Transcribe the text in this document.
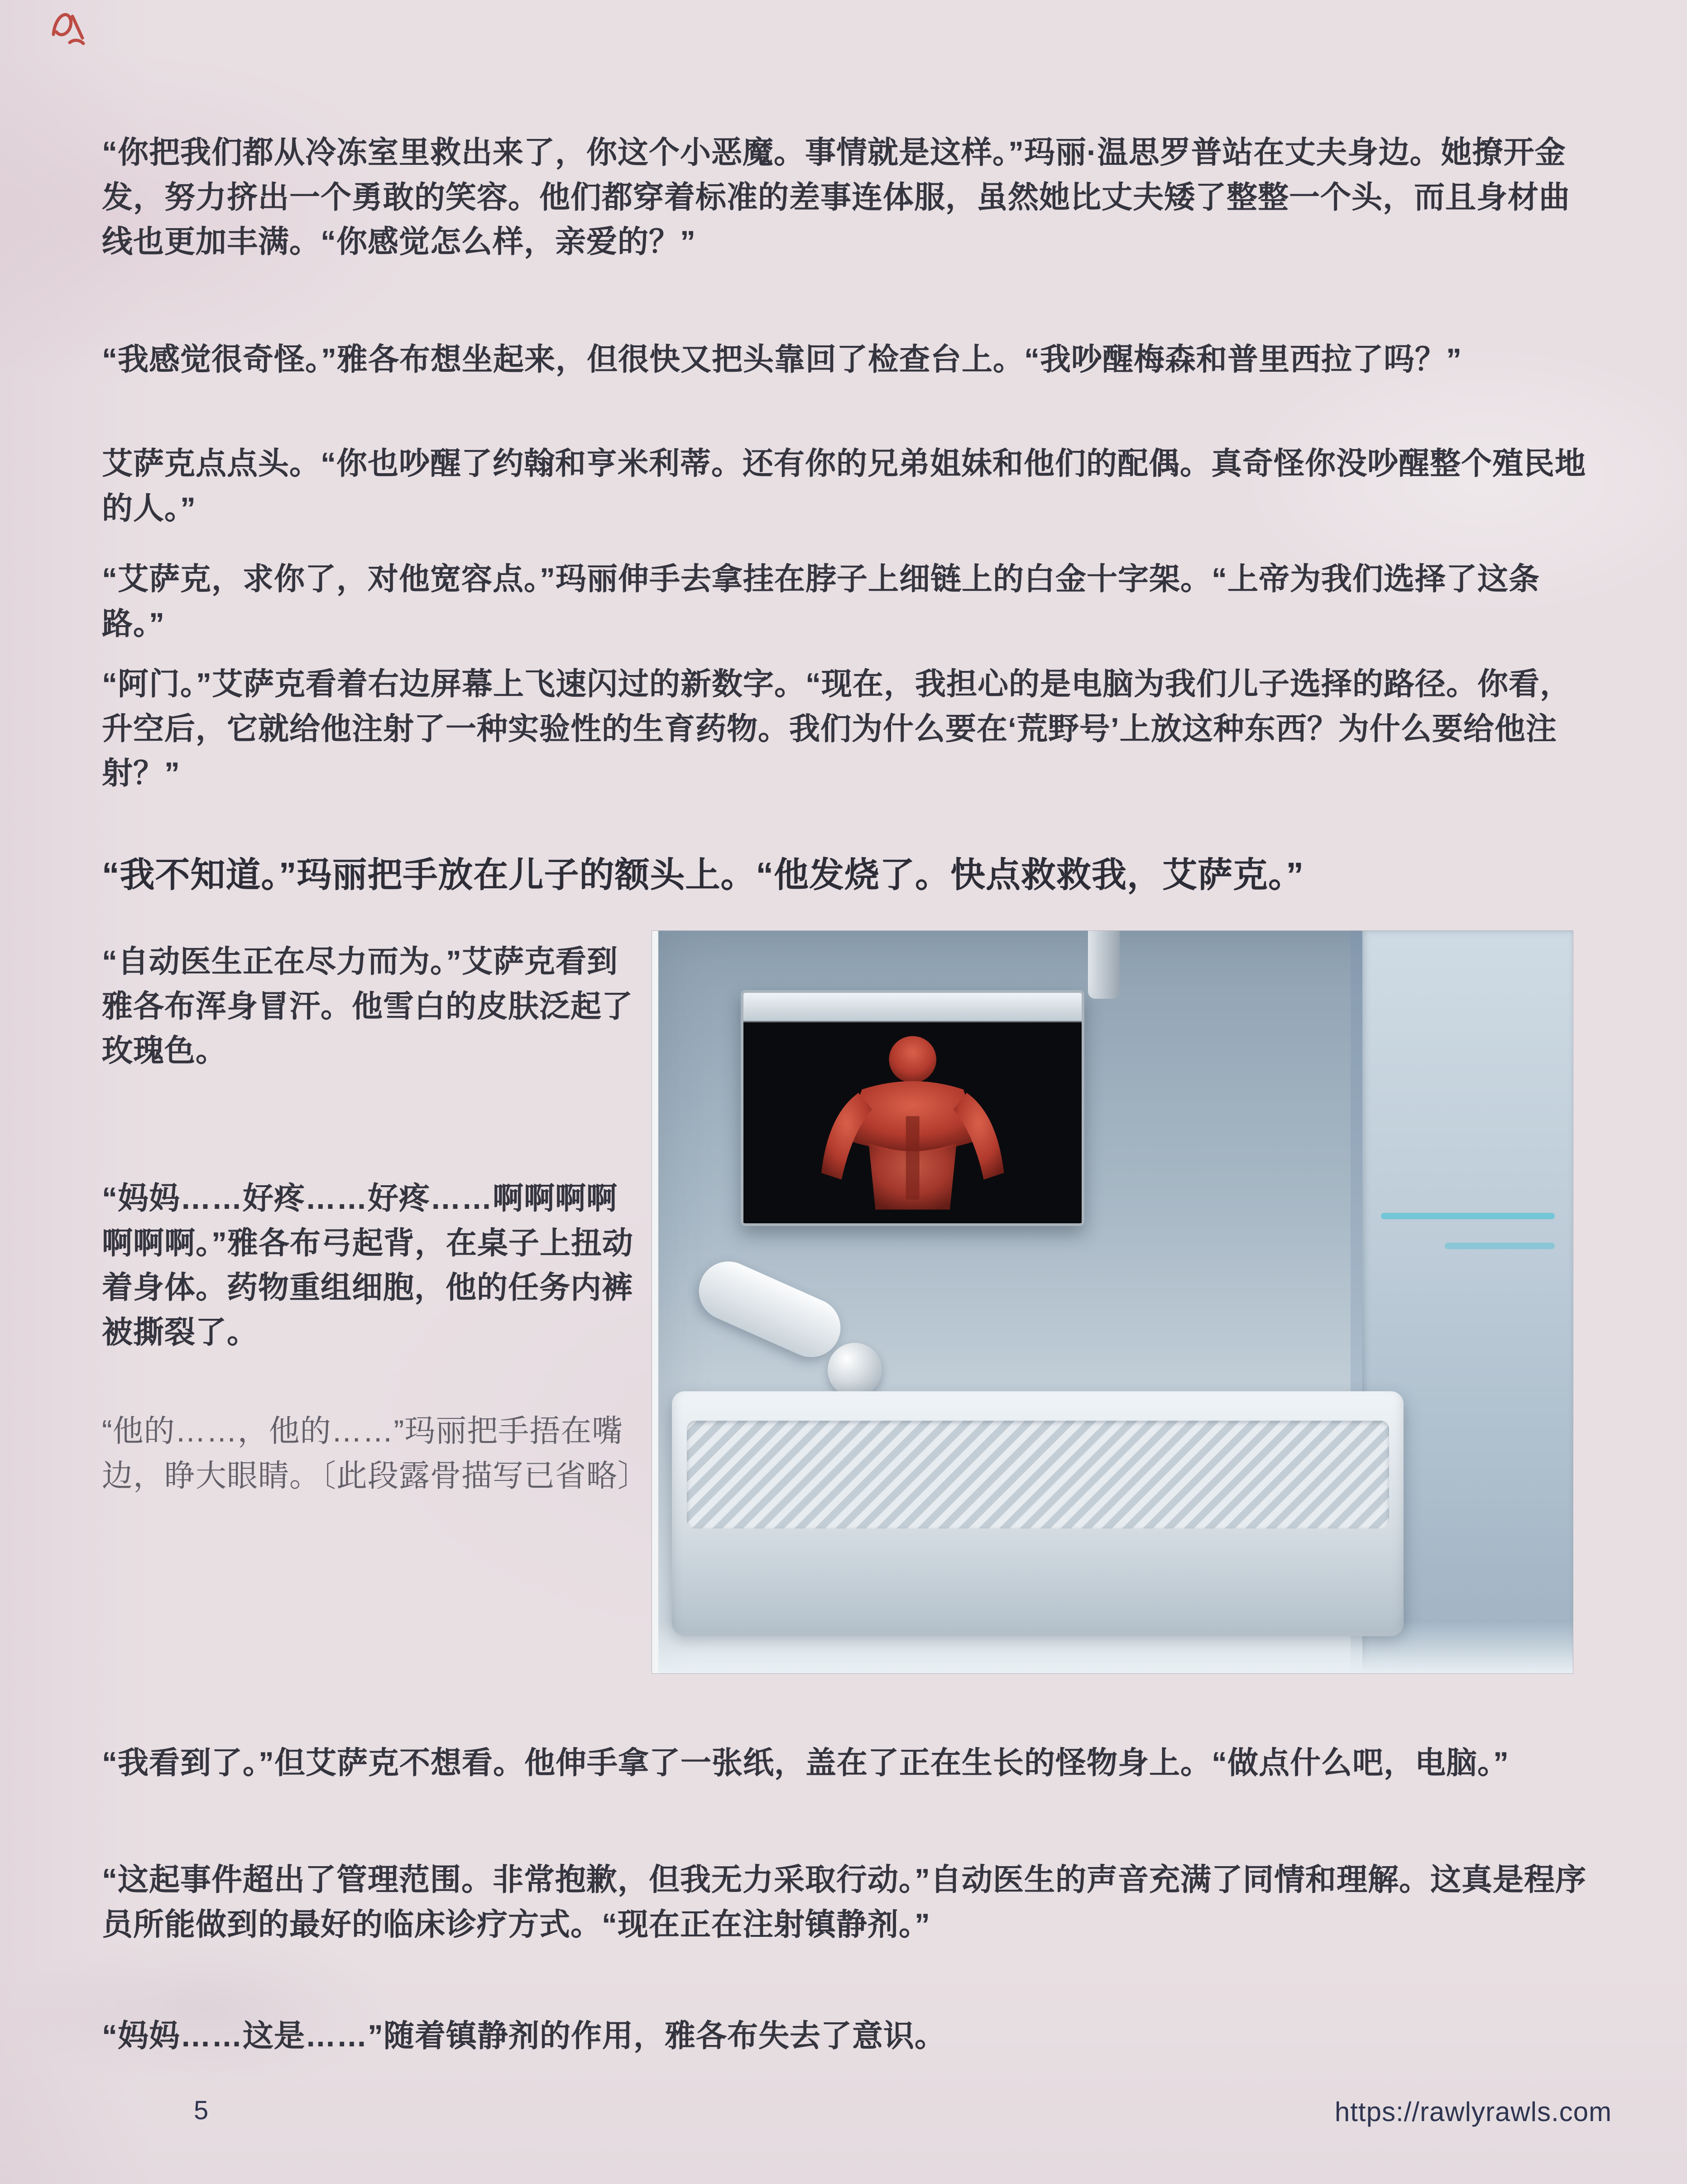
“你把我们都从冷冻室里救出来了，你这个小恶魔。事情就是这样。”玛丽·温思罗普站在丈夫身边。她撩开金发，努力挤出一个勇敢的笑容。他们都穿着标准的差事连体服，虽然她比丈夫矮了整整一个头，而且身材曲线也更加丰满。“你感觉怎么样，亲爱的？”

“我感觉很奇怪。”雅各布想坐起来，但很快又把头靠回了检查台上。“我吵醒梅森和普里西拉了吗？”

艾萨克点点头。“你也吵醒了约翰和亨米利蒂。还有你的兄弟姐妹和他们的配偶。真奇怪你没吵醒整个殖民地的人。”

“艾萨克，求你了，对他宽容点。”玛丽伸手去拿挂在脖子上细链上的白金十字架。“上帝为我们选择了这条路。”

“阿门。”艾萨克看着右边屏幕上飞速闪过的新数字。“现在，我担心的是电脑为我们儿子选择的路径。你看，升空后，它就给他注射了一种实验性的生育药物。我们为什么要在‘荒野号’上放这种东西？为什么要给他注射？”

“我不知道。”玛丽把手放在儿子的额头上。“他发烧了。快点救救我，艾萨克。”

“自动医生正在尽力而为。”艾萨克看到雅各布浑身冒汗。他雪白的皮肤泛起了玫瑰色。

“妈妈……好疼……好疼……啊啊啊啊啊啊啊。”雅各布弓起背，在桌子上扭动着身体。药物重组细胞，他的任务内裤被撕裂了。

“他的……，他的……”玛丽把手捂在嘴边，睁大眼睛。〔此段露骨描写已省略〕

“我看到了。”但艾萨克不想看。他伸手拿了一张纸，盖在了正在生长的怪物身上。“做点什么吧，电脑。”

“这起事件超出了管理范围。非常抱歉，但我无力采取行动。”自动医生的声音充满了同情和理解。这真是程序员所能做到的最好的临床诊疗方式。“现在正在注射镇静剂。”

“妈妈……这是……”随着镇静剂的作用，雅各布失去了意识。

5	https://rawlyrawls.com
